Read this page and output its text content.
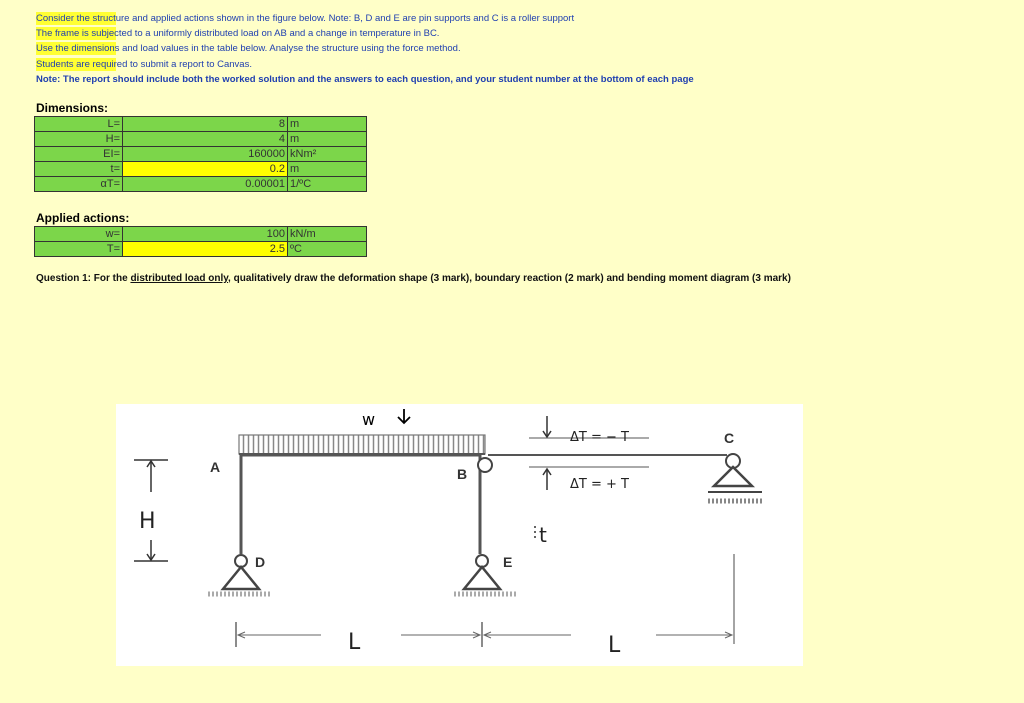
Consider the structure and applied actions shown in the figure below. Note: B, D and E are pin supports and C is a roller support
The frame is subjected to a uniformly distributed load on AB and a change in temperature in BC.
Use the dimensions and load values in the table below. Analyse the structure using the force method.
Students are required to submit a report to Canvas.
Note: The report should include both the worked solution and the answers to each question, and your student number at the bottom of each page
Dimensions:
L=	8	m
H=	4	m
EI=	160000	kNm²
t=	0.2	m
αT=	0.00001	1/ºC
Applied actions:
w=	100	kN/m
T=	2.5	ºC
Question 1: For the distributed load only, qualitatively draw the deformation shape (3 mark), boundary reaction (2 mark) and bending moment diagram (3 mark)
w
A	B
C
D	E
H
L	L
t
ΔT = − T
ΔT = + T
